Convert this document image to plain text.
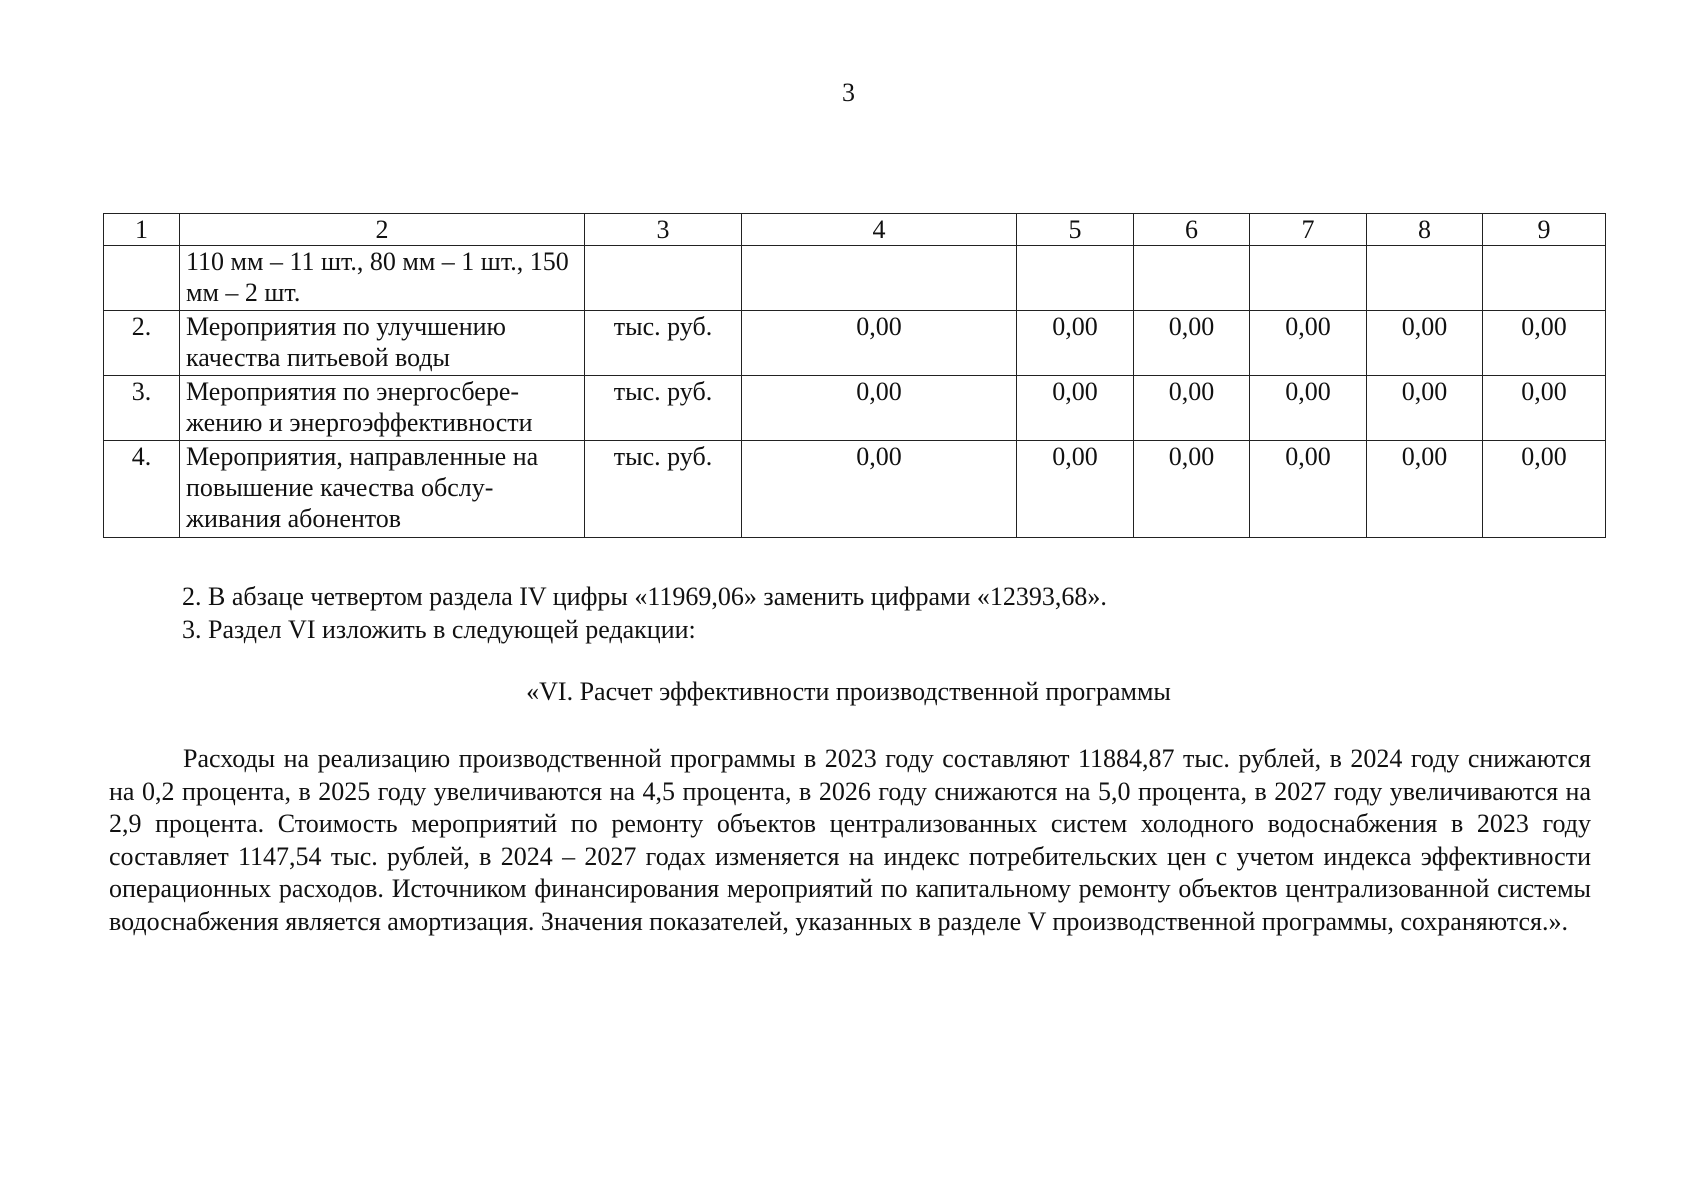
3
1	2	3	4	5	6	7	8	9
	110 мм – 11 шт., 80 мм – 1 шт., 150 мм – 2 шт.							
2.	Мероприятия по улучшению качества питьевой воды	тыс. руб.	0,00	0,00	0,00	0,00	0,00	0,00
3.	Мероприятия по энергосбере-жению и энергоэффективности	тыс. руб.	0,00	0,00	0,00	0,00	0,00	0,00
4.	Мероприятия, направленные на повышение качества обслу-живания абонентов	тыс. руб.	0,00	0,00	0,00	0,00	0,00	0,00
2. В абзаце четвертом раздела IV цифры «11969,06» заменить цифрами «12393,68».
3. Раздел VI изложить в следующей редакции:
«VI. Расчет эффективности производственной программы
Расходы на реализацию производственной программы в 2023 году составляют 11884,87 тыс. рублей, в 2024 году снижаются на 0,2 процента, в 2025 году увеличиваются на 4,5 процента, в 2026 году снижаются на 5,0 процента, в 2027 году увеличиваются на 2,9 процента. Стоимость мероприятий по ремонту объектов централизованных систем холодного водоснабжения в 2023 году составляет 1147,54 тыс. рублей, в 2024 – 2027 годах изменяется на индекс потребительских цен с учетом индекса эффективности операционных расходов. Источником финансирования мероприятий по капитальному ремонту объектов централизованной системы водоснабжения является амортизация. Значения показателей, указанных в разделе V производственной программы, сохраняются.».
